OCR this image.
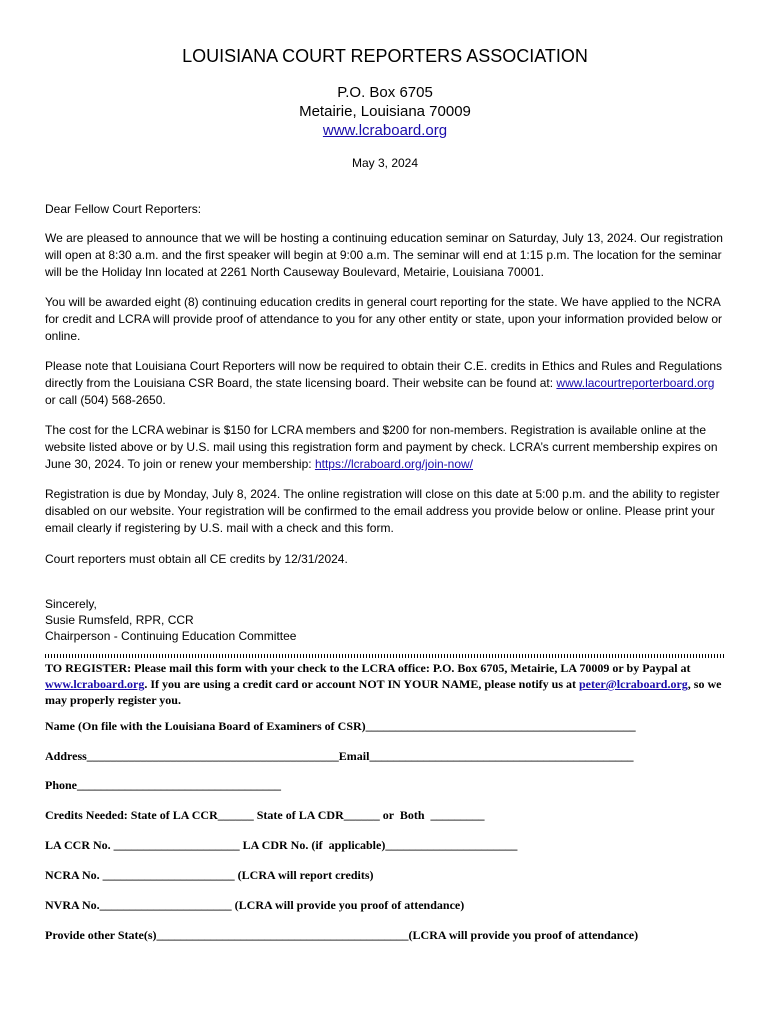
LOUISIANA COURT REPORTERS ASSOCIATION
P.O. Box 6705
Metairie, Louisiana 70009
www.lcraboard.org
May 3, 2024
Dear Fellow Court Reporters:
We are pleased to announce that we will be hosting a continuing education seminar on Saturday, July 13, 2024. Our registration will open at 8:30 a.m. and the first speaker will begin at 9:00 a.m. The seminar will end at 1:15 p.m. The location for the seminar will be the Holiday Inn located at 2261 North Causeway Boulevard, Metairie, Louisiana 70001.
You will be awarded eight (8) continuing education credits in general court reporting for the state. We have applied to the NCRA for credit and LCRA will provide proof of attendance to you for any other entity or state, upon your information provided below or online.
Please note that Louisiana Court Reporters will now be required to obtain their C.E. credits in Ethics and Rules and Regulations directly from the Louisiana CSR Board, the state licensing board. Their website can be found at: www.lacourtreporterboard.org or call (504) 568-2650.
The cost for the LCRA webinar is $150 for LCRA members and $200 for non-members. Registration is available online at the website listed above or by U.S. mail using this registration form and payment by check. LCRA’s current membership expires on June 30, 2024. To join or renew your membership: https://lcraboard.org/join-now/
Registration is due by Monday, July 8, 2024. The online registration will close on this date at 5:00 p.m. and the ability to register disabled on our website. Your registration will be confirmed to the email address you provide below or online. Please print your email clearly if registering by U.S. mail with a check and this form.
Court reporters must obtain all CE credits by 12/31/2024.
Sincerely,
Susie Rumsfeld, RPR, CCR
Chairperson - Continuing Education Committee
TO REGISTER: Please mail this form with your check to the LCRA office: P.O. Box 6705, Metairie, LA 70009 or by Paypal at www.lcraboard.org. If you are using a credit card or account NOT IN YOUR NAME, please notify us at peter@lcraboard.org, so we may properly register you.
Name (On file with the Louisiana Board of Examiners of CSR)_____________________________________________
Address__________________________________________Email____________________________________________
Phone__________________________________
Credits Needed: State of LA CCR______ State of LA CDR______ or  Both  _________
LA CCR No. _____________________ LA CDR No. (if  applicable)______________________
NCRA No. ______________________ (LCRA will report credits)
NVRA No.______________________ (LCRA will provide you proof of attendance)
Provide other State(s)__________________________________________(LCRA will provide you proof of attendance)
